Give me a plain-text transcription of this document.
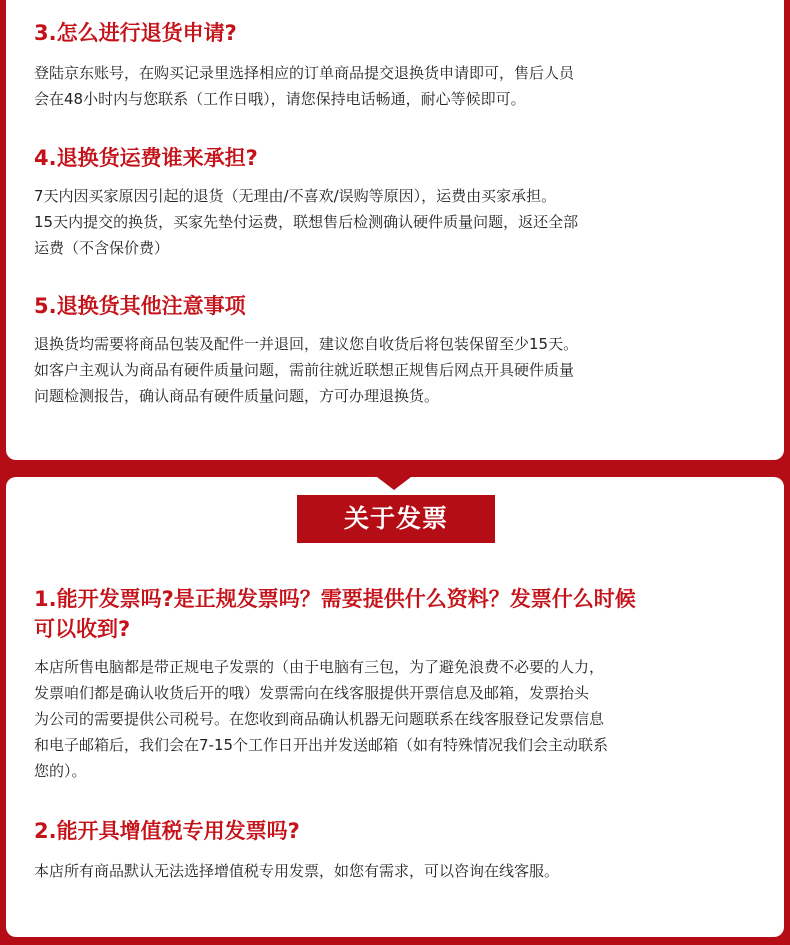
3.怎么进行退货申请?

登陆京东账号，在购买记录里选择相应的订单商品提交退换货申请即可，售后人员
会在48小时内与您联系（工作日哦），请您保持电话畅通，耐心等候即可。

4.退换货运费谁来承担?

7天内因买家原因引起的退货（无理由/不喜欢/误购等原因），运费由买家承担。
15天内提交的换货，买家先垫付运费，联想售后检测确认硬件质量问题，返还全部
运费（不含保价费）

5.退换货其他注意事项

退换货均需要将商品包装及配件一并退回，建议您自收货后将包装保留至少15天。
如客户主观认为商品有硬件质量问题，需前往就近联想正规售后网点开具硬件质量
问题检测报告，确认商品有硬件质量问题，方可办理退换货。

关于发票
1.能开发票吗?是正规发票吗？需要提供什么资料？发票什么时候
可以收到?

本店所售电脑都是带正规电子发票的（由于电脑有三包，为了避免浪费不必要的人力，
发票咱们都是确认收货后开的哦）发票需向在线客服提供开票信息及邮箱，发票抬头
为公司的需要提供公司税号。在您收到商品确认机器无问题联系在线客服登记发票信息
和电子邮箱后，我们会在7-15个工作日开出并发送邮箱（如有特殊情况我们会主动联系
您的）。

2.能开具增值税专用发票吗?

本店所有商品默认无法选择增值税专用发票，如您有需求，可以咨询在线客服。
